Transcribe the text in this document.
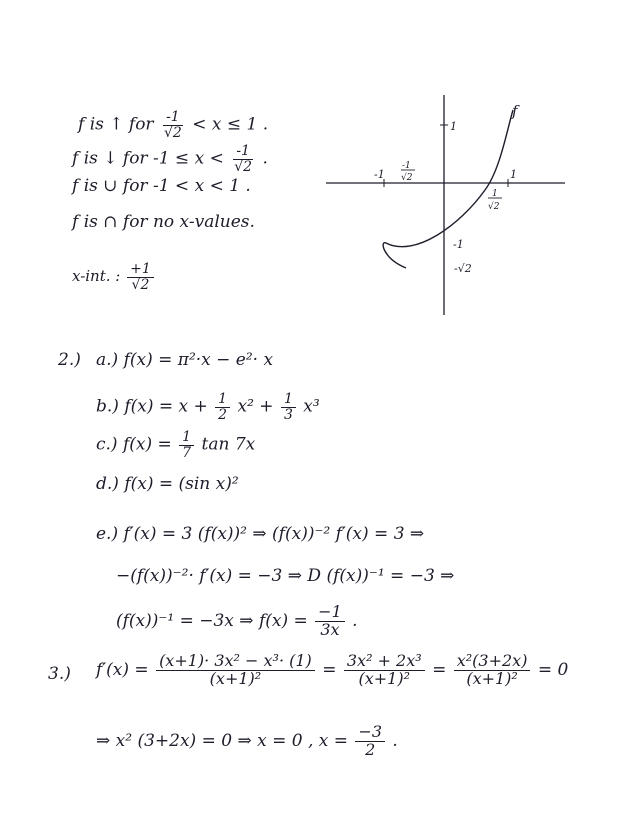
f is ↑ for $\frac{-1}{√2} < x \le 1$ .
f is ↓ for $-1 \le x < \frac{-1}{√2}$ .
f is ∪ for -1 < x < 1 .
f is ∩ for no x-values.
x-int. : $\frac{+1}{√2}$
f
1
-1
-1
√2	1
1
√2
-1
-√2
2.) a.) f(x) = π²·x − e²· x
b.) $f(x) = x + \frac{1}{2} x^2 + \frac{1}{3} x^3$
c.) $f(x) = \frac{1}{7}$ tan 7x
d.) f(x) = (sin x)²
e.) f′(x) = 3 (f(x))² ⇒ (f(x))⁻² f′(x) = 3 ⇒
−(f(x))⁻²· f′(x) = −3 ⇒ D (f(x))⁻¹ = −3 ⇒
(f(x))⁻¹ = −3x ⇒ $f(x) = \frac{-1}{3x}$ .
3.) $f'(x) = \frac{\text{(x+1)· 3x² − x³· (1)}}{\text{(x+1)²}} = \frac{\text{3x² + 2x³}}{\text{(x+1)²}} = \frac{\text{x²(3+2x)}}{\text{(x+1)²}} = 0$
⇒ x² (3+2x) = 0 ⇒ x = 0 , $x = \frac{-3}{2}$ .
